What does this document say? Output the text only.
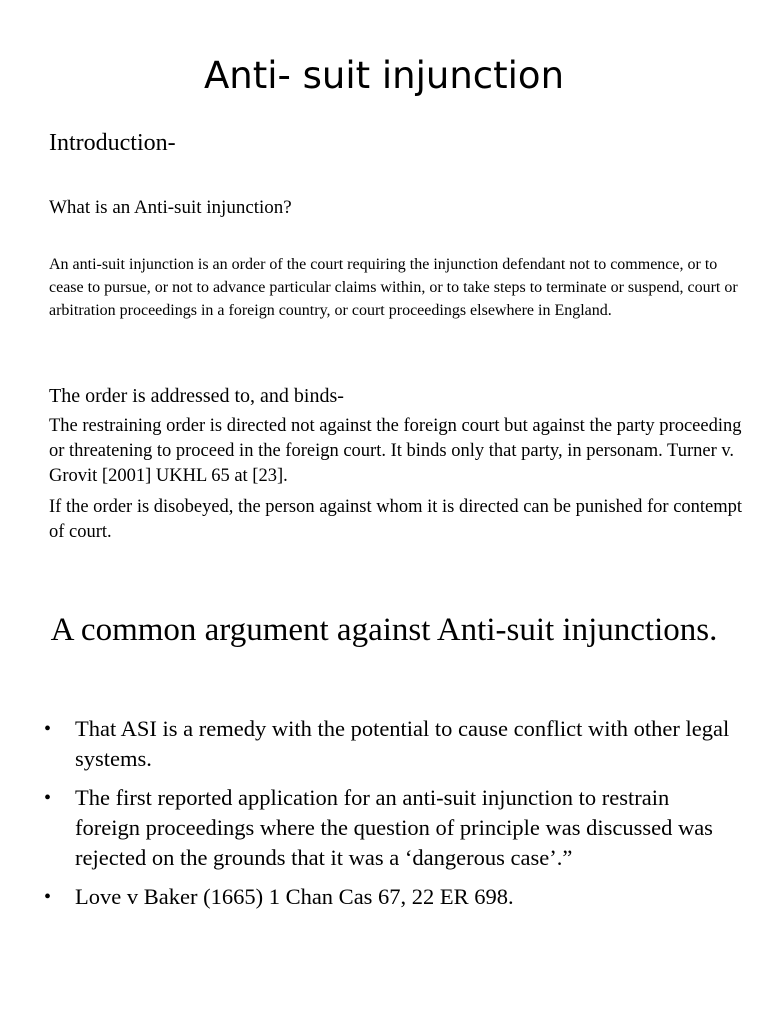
Anti- suit injunction

Introduction-

What is an Anti-suit injunction?

An anti-suit injunction is an order of the court requiring the injunction defendant not to commence, or to cease to pursue, or not to advance particular claims within, or to take steps to terminate or suspend, court or arbitration proceedings in a foreign country, or court proceedings elsewhere in England.

The order is addressed to, and binds-

The restraining order is directed not against the foreign court but against the party proceeding or threatening to proceed in the foreign court. It binds only that party, in personam. Turner v. Grovit [2001] UKHL 65 at [23].

If the order is disobeyed, the person against whom it is directed can be punished for contempt of court.

A common argument against Anti-suit injunctions.
• That ASI is a remedy with the potential to cause conflict with other legal systems.
• The first reported application for an anti-suit injunction to restrain foreign proceedings where the question of principle was discussed was rejected on the grounds that it was a ‘dangerous case’.”
• Love v Baker (1665) 1 Chan Cas 67, 22 ER 698.
